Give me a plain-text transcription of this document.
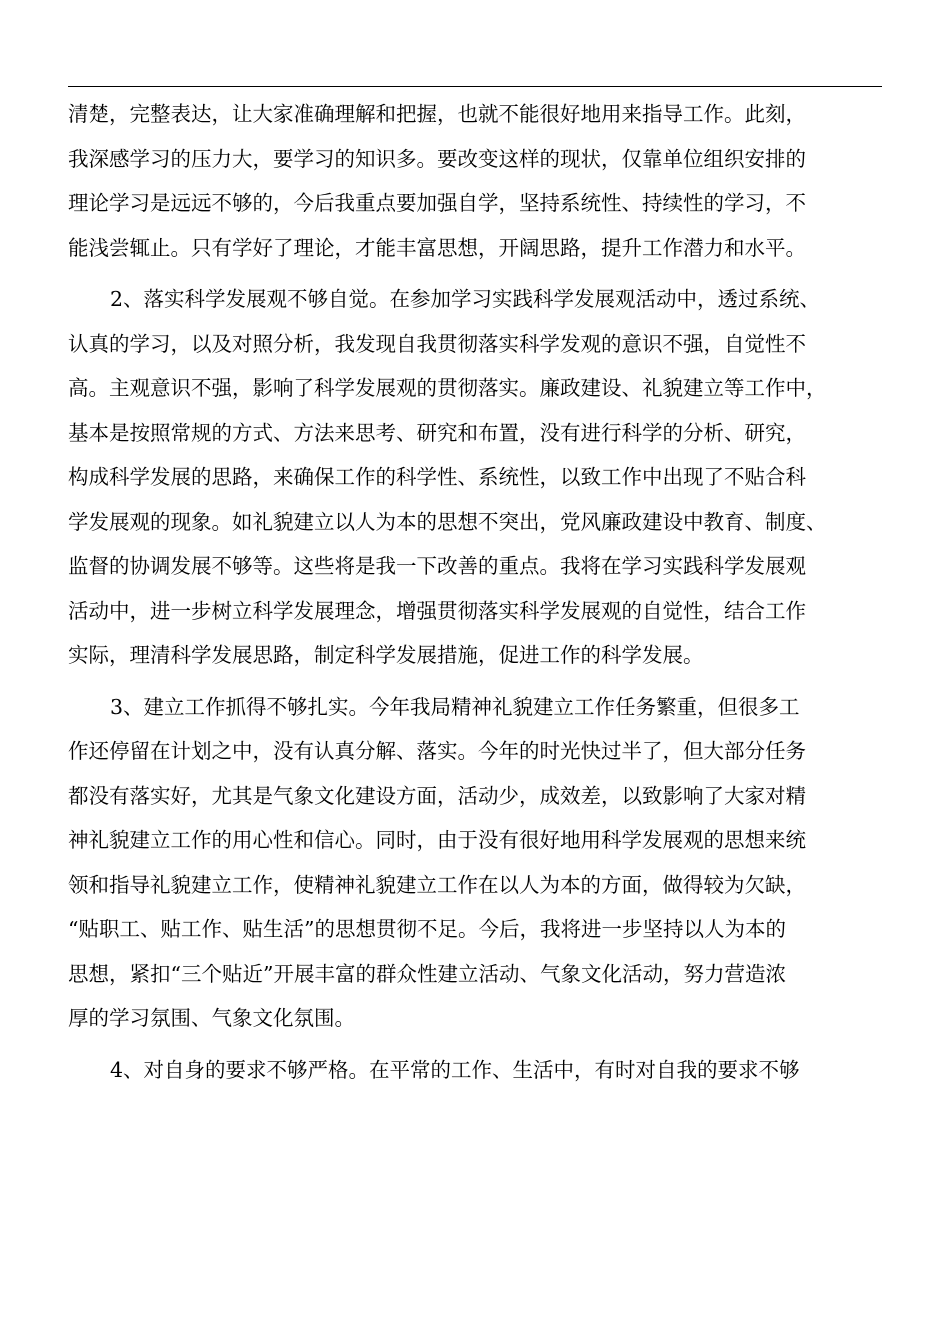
清楚，完整表达，让大家准确理解和把握，也就不能很好地用来指导工作。此刻，
我深感学习的压力大，要学习的知识多。要改变这样的现状，仅靠单位组织安排的
理论学习是远远不够的，今后我重点要加强自学，坚持系统性、持续性的学习，不
能浅尝辄止。只有学好了理论，才能丰富思想，开阔思路，提升工作潜力和水平。
2、落实科学发展观不够自觉。在参加学习实践科学发展观活动中，透过系统、
认真的学习，以及对照分析，我发现自我贯彻落实科学发观的意识不强，自觉性不
高。主观意识不强，影响了科学发展观的贯彻落实。廉政建设、礼貌建立等工作中，
基本是按照常规的方式、方法来思考、研究和布置，没有进行科学的分析、研究，
构成科学发展的思路，来确保工作的科学性、系统性，以致工作中出现了不贴合科
学发展观的现象。如礼貌建立以人为本的思想不突出，党风廉政建设中教育、制度、
监督的协调发展不够等。这些将是我一下改善的重点。我将在学习实践科学发展观
活动中，进一步树立科学发展理念，增强贯彻落实科学发展观的自觉性，结合工作
实际，理清科学发展思路，制定科学发展措施，促进工作的科学发展。
3、建立工作抓得不够扎实。今年我局精神礼貌建立工作任务繁重，但很多工
作还停留在计划之中，没有认真分解、落实。今年的时光快过半了，但大部分任务
都没有落实好，尤其是气象文化建设方面，活动少，成效差，以致影响了大家对精
神礼貌建立工作的用心性和信心。同时，由于没有很好地用科学发展观的思想来统
领和指导礼貌建立工作，使精神礼貌建立工作在以人为本的方面，做得较为欠缺，
“贴职工、贴工作、贴生活”的思想贯彻不足。今后，我将进一步坚持以人为本的
思想，紧扣“三个贴近”开展丰富的群众性建立活动、气象文化活动，努力营造浓
厚的学习氛围、气象文化氛围。
4、对自身的要求不够严格。在平常的工作、生活中，有时对自我的要求不够
